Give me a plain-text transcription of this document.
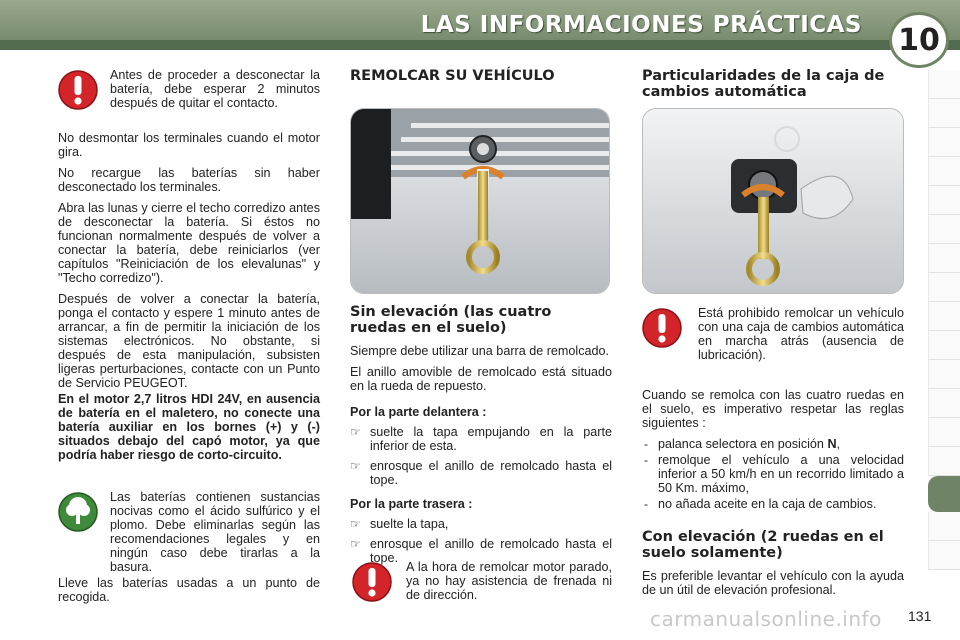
LAS INFORMACIONES PRÁCTICAS	10
Antes de proceder a desconectar la batería, debe esperar 2 minutos después de quitar el contacto.

No desmontar los terminales cuando el motor gira.

No recargue las baterías sin haber desconectado los terminales.

Abra las lunas y cierre el techo corredizo antes de desconectar la batería. Si éstos no funcionan normalmente después de volver a conectar la batería, debe reiniciarlos (ver capítulos "Reiniciación de los elevalunas" y "Techo corredizo").

Después de volver a conectar la batería, ponga el contacto y espere 1 minuto antes de arrancar, a fin de permitir la iniciación de los sistemas electrónicos. No obstante, si después de esta manipulación, subsisten ligeras perturbaciones, contacte con un Punto de Servicio PEUGEOT.

En el motor 2,7 litros HDI 24V, en ausencia de batería en el maletero, no conecte una batería auxiliar en los bornes (+) y (-) situados debajo del capó motor, ya que podría haber riesgo de corto-circuito.

Las baterías contienen sustancias nocivas como el ácido sulfúrico y el plomo. Debe eliminarlas según las recomendaciones legales y en ningún caso debe tirarlas a la basura.

Lleve las baterías usadas a un punto de recogida.

REMOLCAR SU VEHÍCULO
Sin elevación (las cuatro ruedas en el suelo)

Siempre debe utilizar una barra de remolcado.

El anillo amovible de remolcado está situado en la rueda de repuesto.

Por la parte delantera :
☞ suelte la tapa empujando en la parte inferior de esta.
☞ enrosque el anillo de remolcado hasta el tope.
Por la parte trasera :
☞ suelte la tapa,
☞ enrosque el anillo de remolcado hasta el tope.
A la hora de remolcar motor parado, ya no hay asistencia de frenada ni de dirección.
Particularidades de la caja de cambios automática
Está prohibido remolcar un vehículo con una caja de cambios automática en marcha atrás (ausencia de lubricación).

Cuando se remolca con las cuatro ruedas en el suelo, es imperativo respetar las reglas siguientes :

- palanca selectora en posición N,
- remolque el vehículo a una velocidad inferior a 50 km/h en un recorrido limitado a 50 Km. máximo,
- no añada aceite en la caja de cambios.
Con elevación (2 ruedas en el suelo solamente)

Es preferible levantar el vehículo con la ayuda de un útil de elevación profesional.

carmanualsonline.info 131
